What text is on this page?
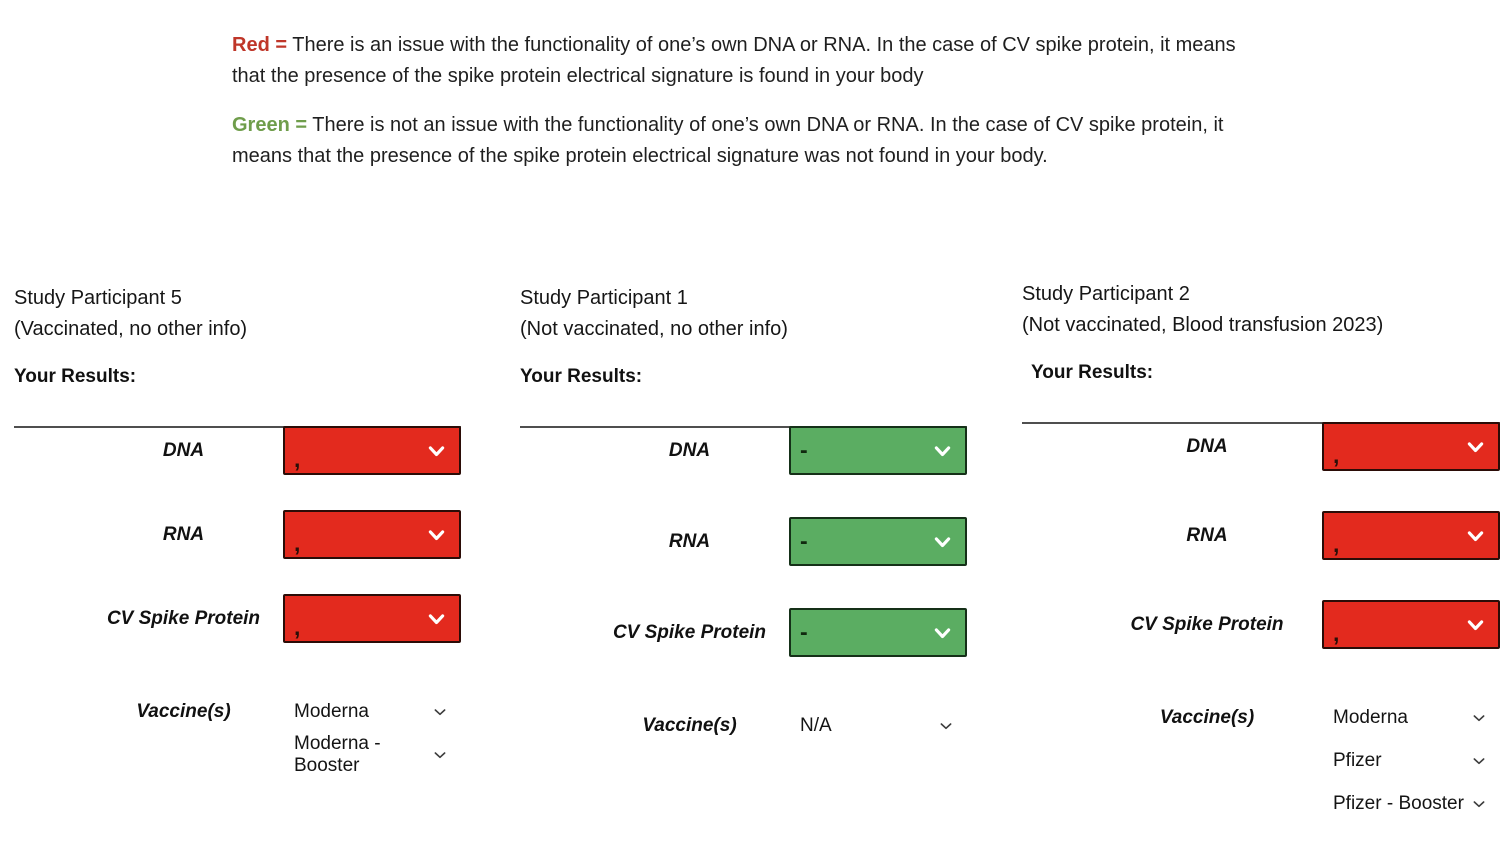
Red = There is an issue with the functionality of one’s own DNA or RNA. In the case of CV spike protein, it means that the presence of the spike protein electrical signature is found in your body

Green = There is not an issue with the functionality of one’s own DNA or RNA. In the case of CV spike protein, it means that the presence of the spike protein electrical signature was not found in your body.

Study Participant 5
(Vaccinated, no other info)
Your Results:
DNA	,
RNA	,
CV Spike Protein	,
Vaccine(s)	Moderna
Moderna - Booster
Study Participant 1
(Not vaccinated, no other info)
Your Results:
DNA	-
RNA	-
CV Spike Protein	-
Vaccine(s)	N/A
Study Participant 2
(Not vaccinated, Blood transfusion 2023)
Your Results:
DNA	,
RNA	,
CV Spike Protein	,
Vaccine(s)	Moderna
Pfizer
Pfizer - Booster
